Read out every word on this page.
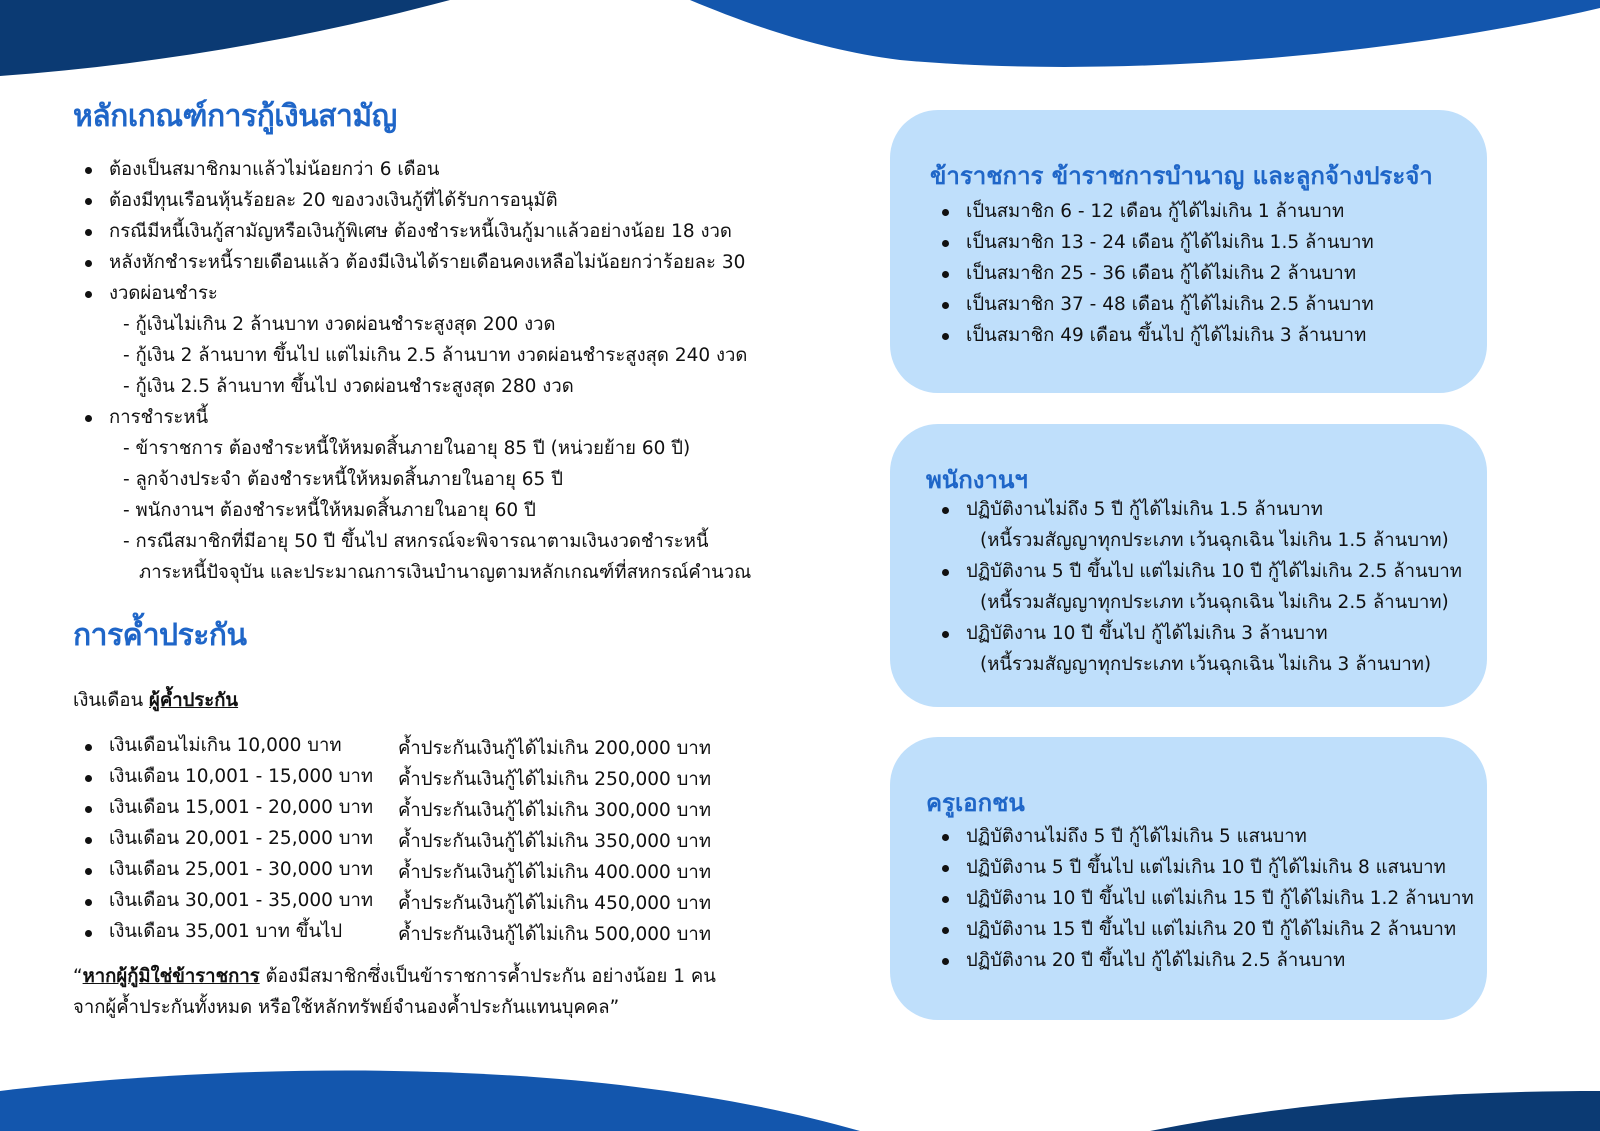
หลักเกณฑ์การกู้เงินสามัญ
ต้องเป็นสมาชิกมาแล้วไม่น้อยกว่า 6 เดือน
ต้องมีทุนเรือนหุ้นร้อยละ 20 ของวงเงินกู้ที่ได้รับการอนุมัติ
กรณีมีหนี้เงินกู้สามัญหรือเงินกู้พิเศษ ต้องชำระหนี้เงินกู้มาแล้วอย่างน้อย 18 งวด
หลังหักชำระหนี้รายเดือนแล้ว ต้องมีเงินได้รายเดือนคงเหลือไม่น้อยกว่าร้อยละ 30
งวดผ่อนชำระ
- กู้เงินไม่เกิน 2 ล้านบาท งวดผ่อนชำระสูงสุด 200 งวด
- กู้เงิน 2 ล้านบาท ขึ้นไป แต่ไม่เกิน 2.5 ล้านบาท งวดผ่อนชำระสูงสุด 240 งวด
- กู้เงิน 2.5 ล้านบาท ขึ้นไป งวดผ่อนชำระสูงสุด 280 งวด
การชำระหนี้
- ข้าราชการ ต้องชำระหนี้ให้หมดสิ้นภายในอายุ 85 ปี (หน่วยย้าย 60 ปี)
- ลูกจ้างประจำ ต้องชำระหนี้ให้หมดสิ้นภายในอายุ 65 ปี
- พนักงานฯ ต้องชำระหนี้ให้หมดสิ้นภายในอายุ 60 ปี
- กรณีสมาชิกที่มีอายุ 50 ปี ขึ้นไป สหกรณ์จะพิจารณาตามเงินงวดชำระหนี้
ภาระหนี้ปัจจุบัน และประมาณการเงินบำนาญตามหลักเกณฑ์ที่สหกรณ์คำนวณ
การค้ำประกัน

เงินเดือน ผู้ค้ำประกัน

เงินเดือนไม่เกิน 10,000 บาท	ค้ำประกันเงินกู้ได้ไม่เกิน 200,000 บาท
เงินเดือน 10,001 - 15,000 บาท ค้ำประกันเงินกู้ได้ไม่เกิน 250,000 บาท
เงินเดือน 15,001 - 20,000 บาท ค้ำประกันเงินกู้ได้ไม่เกิน 300,000 บาท
เงินเดือน 20,001 - 25,000 บาท ค้ำประกันเงินกู้ได้ไม่เกิน 350,000 บาท
เงินเดือน 25,001 - 30,000 บาท ค้ำประกันเงินกู้ได้ไม่เกิน 400.000 บาท
เงินเดือน 30,001 - 35,000 บาท ค้ำประกันเงินกู้ได้ไม่เกิน 450,000 บาท
เงินเดือน 35,001 บาท ขึ้นไป	ค้ำประกันเงินกู้ได้ไม่เกิน 500,000 บาท
“หากผู้กู้มิใช่ข้าราชการ ต้องมีสมาชิกซึ่งเป็นข้าราชการค้ำประกัน อย่างน้อย 1 คน
จากผู้ค้ำประกันทั้งหมด หรือใช้หลักทรัพย์จำนองค้ำประกันแทนบุคคล”
ข้าราชการ ข้าราชการบำนาญ และลูกจ้างประจำ
เป็นสมาชิก 6 - 12 เดือน กู้ได้ไม่เกิน 1 ล้านบาท
เป็นสมาชิก 13 - 24 เดือน กู้ได้ไม่เกิน 1.5 ล้านบาท
เป็นสมาชิก 25 - 36 เดือน กู้ได้ไม่เกิน 2 ล้านบาท
เป็นสมาชิก 37 - 48 เดือน กู้ได้ไม่เกิน 2.5 ล้านบาท
เป็นสมาชิก 49 เดือน ขึ้นไป กู้ได้ไม่เกิน 3 ล้านบาท
พนักงานฯ
ปฏิบัติงานไม่ถึง 5 ปี กู้ได้ไม่เกิน 1.5 ล้านบาท
(หนี้รวมสัญญาทุกประเภท เว้นฉุกเฉิน ไม่เกิน 1.5 ล้านบาท)
ปฏิบัติงาน 5 ปี ขึ้นไป แต่ไม่เกิน 10 ปี กู้ได้ไม่เกิน 2.5 ล้านบาท
(หนี้รวมสัญญาทุกประเภท เว้นฉุกเฉิน ไม่เกิน 2.5 ล้านบาท)
ปฏิบัติงาน 10 ปี ขึ้นไป กู้ได้ไม่เกิน 3 ล้านบาท
(หนี้รวมสัญญาทุกประเภท เว้นฉุกเฉิน ไม่เกิน 3 ล้านบาท)
ครูเอกชน
ปฏิบัติงานไม่ถึง 5 ปี กู้ได้ไม่เกิน 5 แสนบาท
ปฏิบัติงาน 5 ปี ขึ้นไป แต่ไม่เกิน 10 ปี กู้ได้ไม่เกิน 8 แสนบาท
ปฏิบัติงาน 10 ปี ขึ้นไป แต่ไม่เกิน 15 ปี กู้ได้ไม่เกิน 1.2 ล้านบาท
ปฏิบัติงาน 15 ปี ขึ้นไป แต่ไม่เกิน 20 ปี กู้ได้ไม่เกิน 2 ล้านบาท
ปฏิบัติงาน 20 ปี ขึ้นไป กู้ได้ไม่เกิน 2.5 ล้านบาท
